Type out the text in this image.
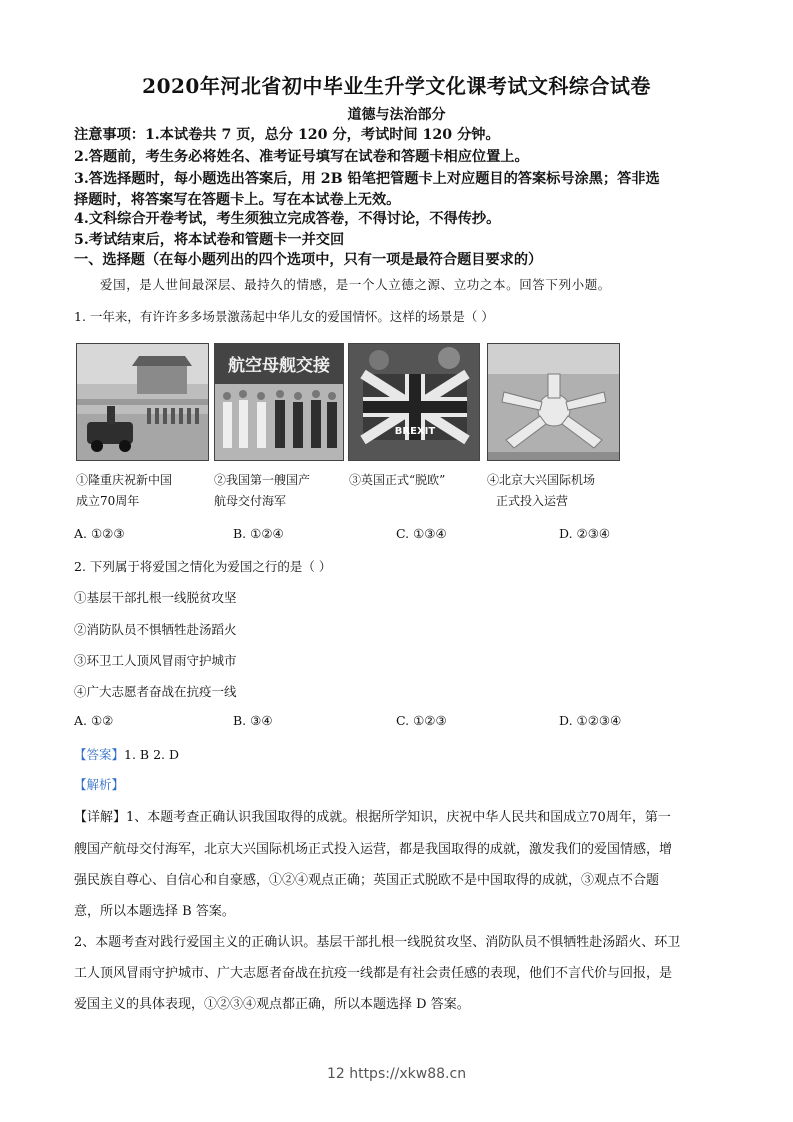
2020年河北省初中毕业生升学文化课考试文科综合试卷
道德与法治部分
注意事项：1.本试卷共 7 页，总分 120 分，考试时间 120 分钟。
2.答题前，考生务必将姓名、准考证号填写在试卷和答题卡相应位置上。
3.答选择题时，每小题选出答案后，用 2B 铅笔把管题卡上对应题目的答案标号涂黑；答非选
择题时，将答案写在答题卡上。写在本试卷上无效。
4.文科综合开卷考试，考生须独立完成答卷，不得讨论，不得传抄。
5.考试结束后，将本试卷和管题卡一并交回
一、选择题（在每小题列出的四个选项中，只有一项是最符合题目要求的）
爱国，是人世间最深层、最持久的情感，是一个人立德之源、立功之本。回答下列小题。
1. 一年来，有许许多多场景激荡起中华儿女的爱国情怀。这样的场景是（ ）
航空母舰交接
BREXIT
①隆重庆祝新中国
成立70周年
②我国第一艘国产
航母交付海军
③英国正式“脱欧”	④北京大兴国际机场
正式投入运营
A. ①②③	B. ①②④	C. ①③④	D. ②③④
2. 下列属于将爱国之情化为爱国之行的是（ ）
①基层干部扎根一线脱贫攻坚
②消防队员不惧牺牲赴汤蹈火
③环卫工人顶风冒雨守护城市
④广大志愿者奋战在抗疫一线
A. ①②	B. ③④	C. ①②③	D. ①②③④
【答案】1. B 2. D
【解析】
【详解】1、本题考查正确认识我国取得的成就。根据所学知识，庆祝中华人民共和国成立70周年，第一
艘国产航母交付海军，北京大兴国际机场正式投入运营，都是我国取得的成就，激发我们的爱国情感，增
强民族自尊心、自信心和自豪感，①②④观点正确；英国正式脱欧不是中国取得的成就，③观点不合题
意，所以本题选择 B 答案。
2、本题考查对践行爱国主义的正确认识。基层干部扎根一线脱贫攻坚、消防队员不惧牺牲赴汤蹈火、环卫
工人顶风冒雨守护城市、广大志愿者奋战在抗疫一线都是有社会责任感的表现，他们不言代价与回报，是
爱国主义的具体表现，①②③④观点都正确，所以本题选择 D 答案。
12 https://xkw88.cn
